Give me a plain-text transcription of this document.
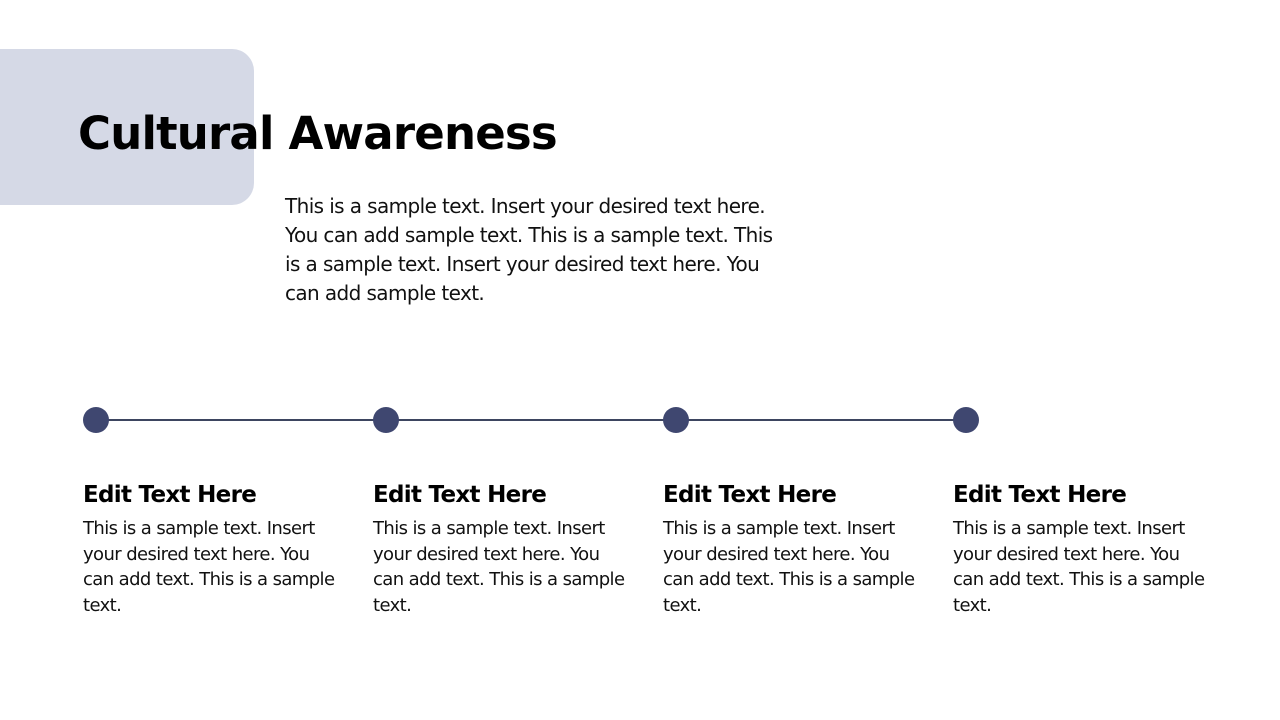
Cultural Awareness

This is a sample text. Insert your desired text here. You can add sample text. This is a sample text. This is a sample text. Insert your desired text here. You can add sample text.

Edit Text Here

This is a sample text. Insert your desired text here. You can add text. This is a sample text.

Edit Text Here

This is a sample text. Insert your desired text here. You can add text. This is a sample text.

Edit Text Here

This is a sample text. Insert your desired text here. You can add text. This is a sample text.

Edit Text Here

This is a sample text. Insert your desired text here. You can add text. This is a sample text.
